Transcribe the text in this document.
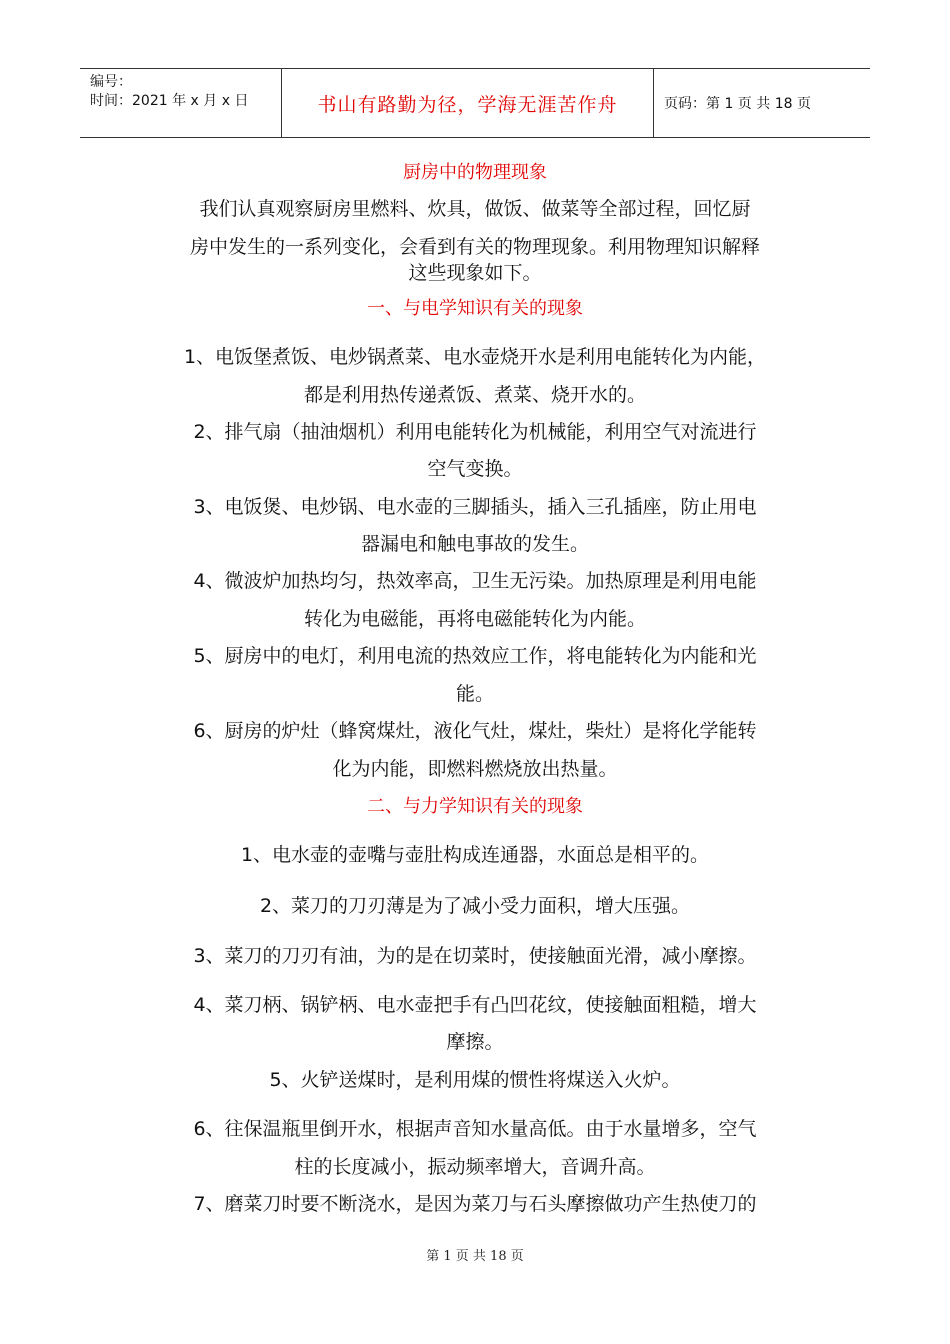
编号：
时间：2021 年 x 月 x 日	书山有路勤为径，学海无涯苦作舟	页码：第 1 页 共 18 页
厨房中的物理现象
我们认真观察厨房里燃料、炊具，做饭、做菜等全部过程，回忆厨
房中发生的一系列变化，会看到有关的物理现象。利用物理知识解释
这些现象如下。
一、与电学知识有关的现象
1、电饭堡煮饭、电炒锅煮菜、电水壶烧开水是利用电能转化为内能，
都是利用热传递煮饭、煮菜、烧开水的。
2、排气扇（抽油烟机）利用电能转化为机械能，利用空气对流进行
空气变换。
3、电饭煲、电炒锅、电水壶的三脚插头，插入三孔插座，防止用电
器漏电和触电事故的发生。
4、微波炉加热均匀，热效率高，卫生无污染。加热原理是利用电能
转化为电磁能，再将电磁能转化为内能。
5、厨房中的电灯，利用电流的热效应工作，将电能转化为内能和光
能。
6、厨房的炉灶（蜂窝煤灶，液化气灶，煤灶，柴灶）是将化学能转
化为内能，即燃料燃烧放出热量。
二、与力学知识有关的现象
1、电水壶的壶嘴与壶肚构成连通器，水面总是相平的。
2、菜刀的刀刃薄是为了减小受力面积，增大压强。
3、菜刀的刀刃有油，为的是在切菜时，使接触面光滑，减小摩擦。
4、菜刀柄、锅铲柄、电水壶把手有凸凹花纹，使接触面粗糙，增大
摩擦。
5、火铲送煤时，是利用煤的惯性将煤送入火炉。
6、往保温瓶里倒开水，根据声音知水量高低。由于水量增多，空气
柱的长度减小，振动频率增大，音调升高。
7、磨菜刀时要不断浇水，是因为菜刀与石头摩擦做功产生热使刀的
第 1 页 共 18 页
